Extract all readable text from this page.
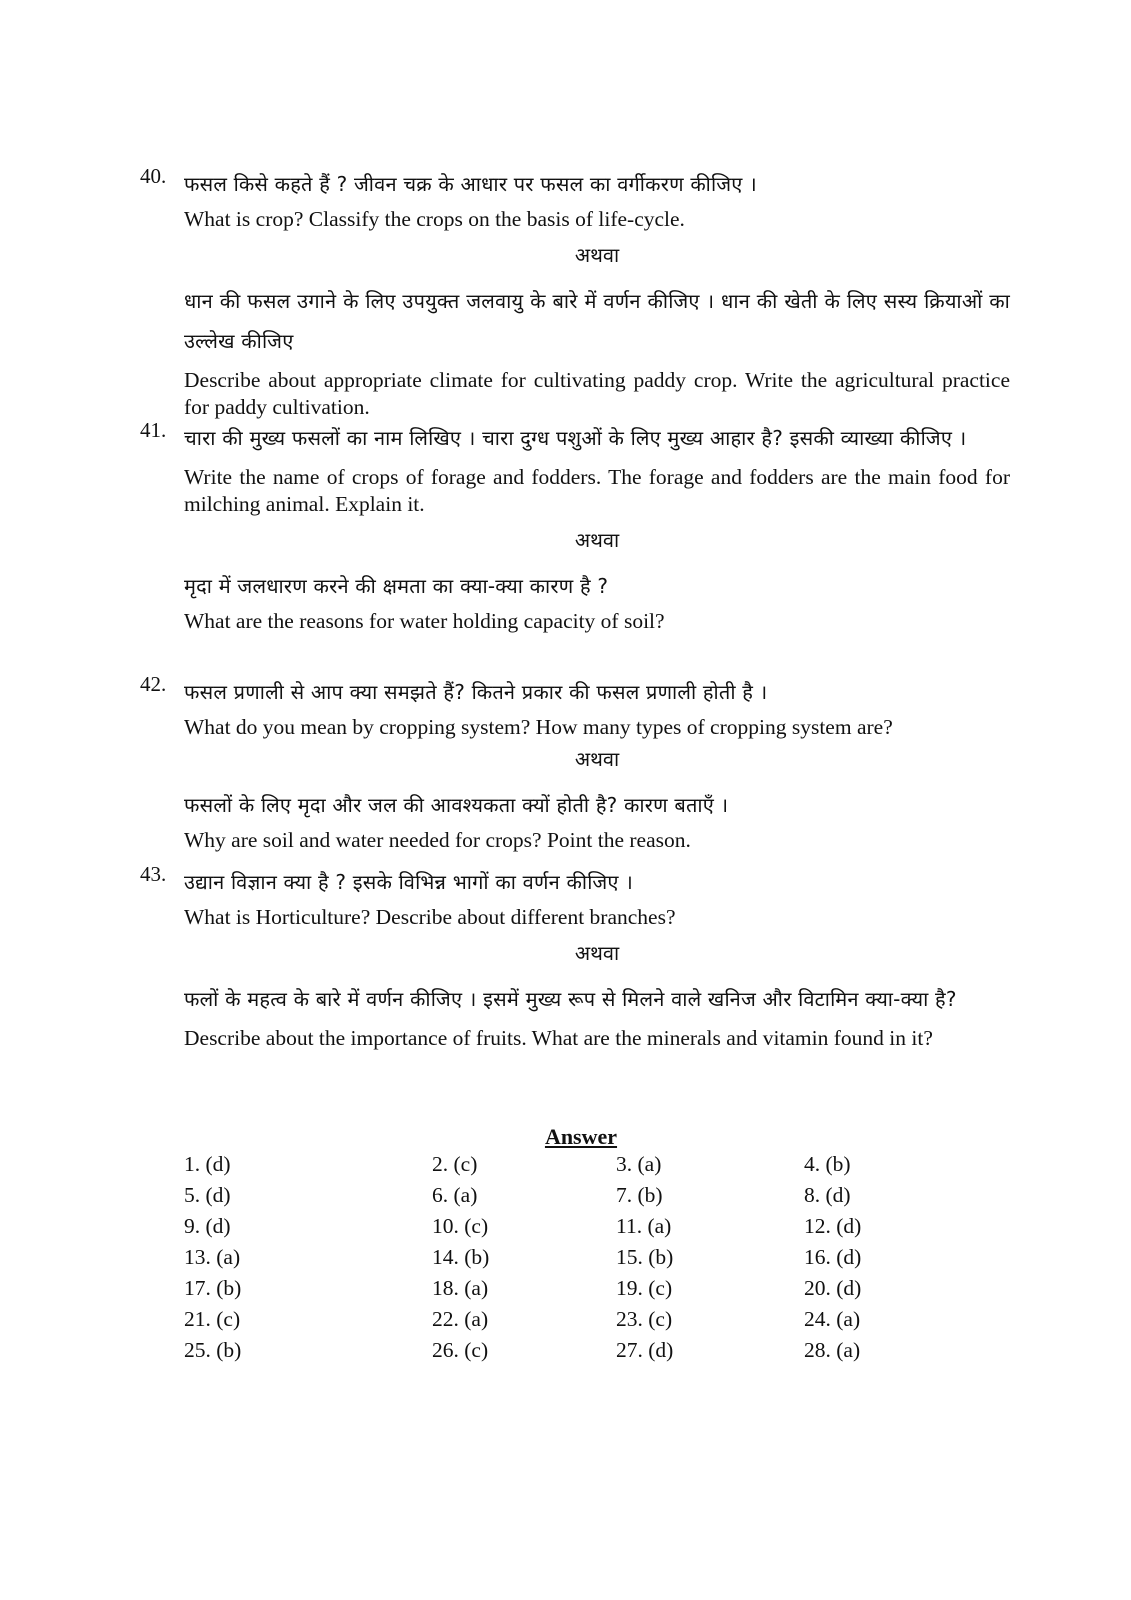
40. फसल किसे कहते हैं ? जीवन चक्र के आधार पर फसल का वर्गीकरण कीजिए ।
What is crop? Classify the crops on the basis of life-cycle.
अथवा
धान की फसल उगाने के लिए उपयुक्त जलवायु के बारे में वर्णन कीजिए । धान की खेती के लिए सस्य क्रियाओं का उल्लेख कीजिए
Describe about appropriate climate for cultivating paddy crop. Write the agricultural practice for paddy cultivation.
41. चारा की मुख्य फसलों का नाम लिखिए । चारा दुग्ध पशुओं के लिए मुख्य आहार है? इसकी व्याख्या कीजिए ।
Write the name of crops of forage and fodders. The forage and fodders are the main food for milching animal. Explain it.
अथवा
मृदा में जलधारण करने की क्षमता का क्या-क्या कारण है ?
What are the reasons for water holding capacity of soil?
42. फसल प्रणाली से आप क्या समझते हैं? कितने प्रकार की फसल प्रणाली होती है ।
What do you mean by cropping system? How many types of cropping system are?
अथवा
फसलों के लिए मृदा और जल की आवश्यकता क्यों होती है? कारण बताएँ ।
Why are soil and water needed for crops? Point the reason.
43. उद्यान विज्ञान क्या है ? इसके विभिन्न भागों का वर्णन कीजिए ।
What is Horticulture? Describe about different branches?
अथवा
फलों के महत्व के बारे में वर्णन कीजिए । इसमें मुख्य रूप से मिलने वाले खनिज और विटामिन क्या-क्या है?
Describe about the importance of fruits. What are the minerals and vitamin found in it?
Answer
1. (d)	2. (c)	3. (a)	4. (b)
5. (d)	6. (a)	7. (b)	8. (d)
9. (d)	10. (c)	11. (a)	12. (d)
13. (a)	14. (b)	15. (b)	16. (d)
17. (b)	18. (a)	19. (c)	20. (d)
21. (c)	22. (a)	23. (c)	24. (a)
25. (b)	26. (c)	27. (d)	28. (a)
